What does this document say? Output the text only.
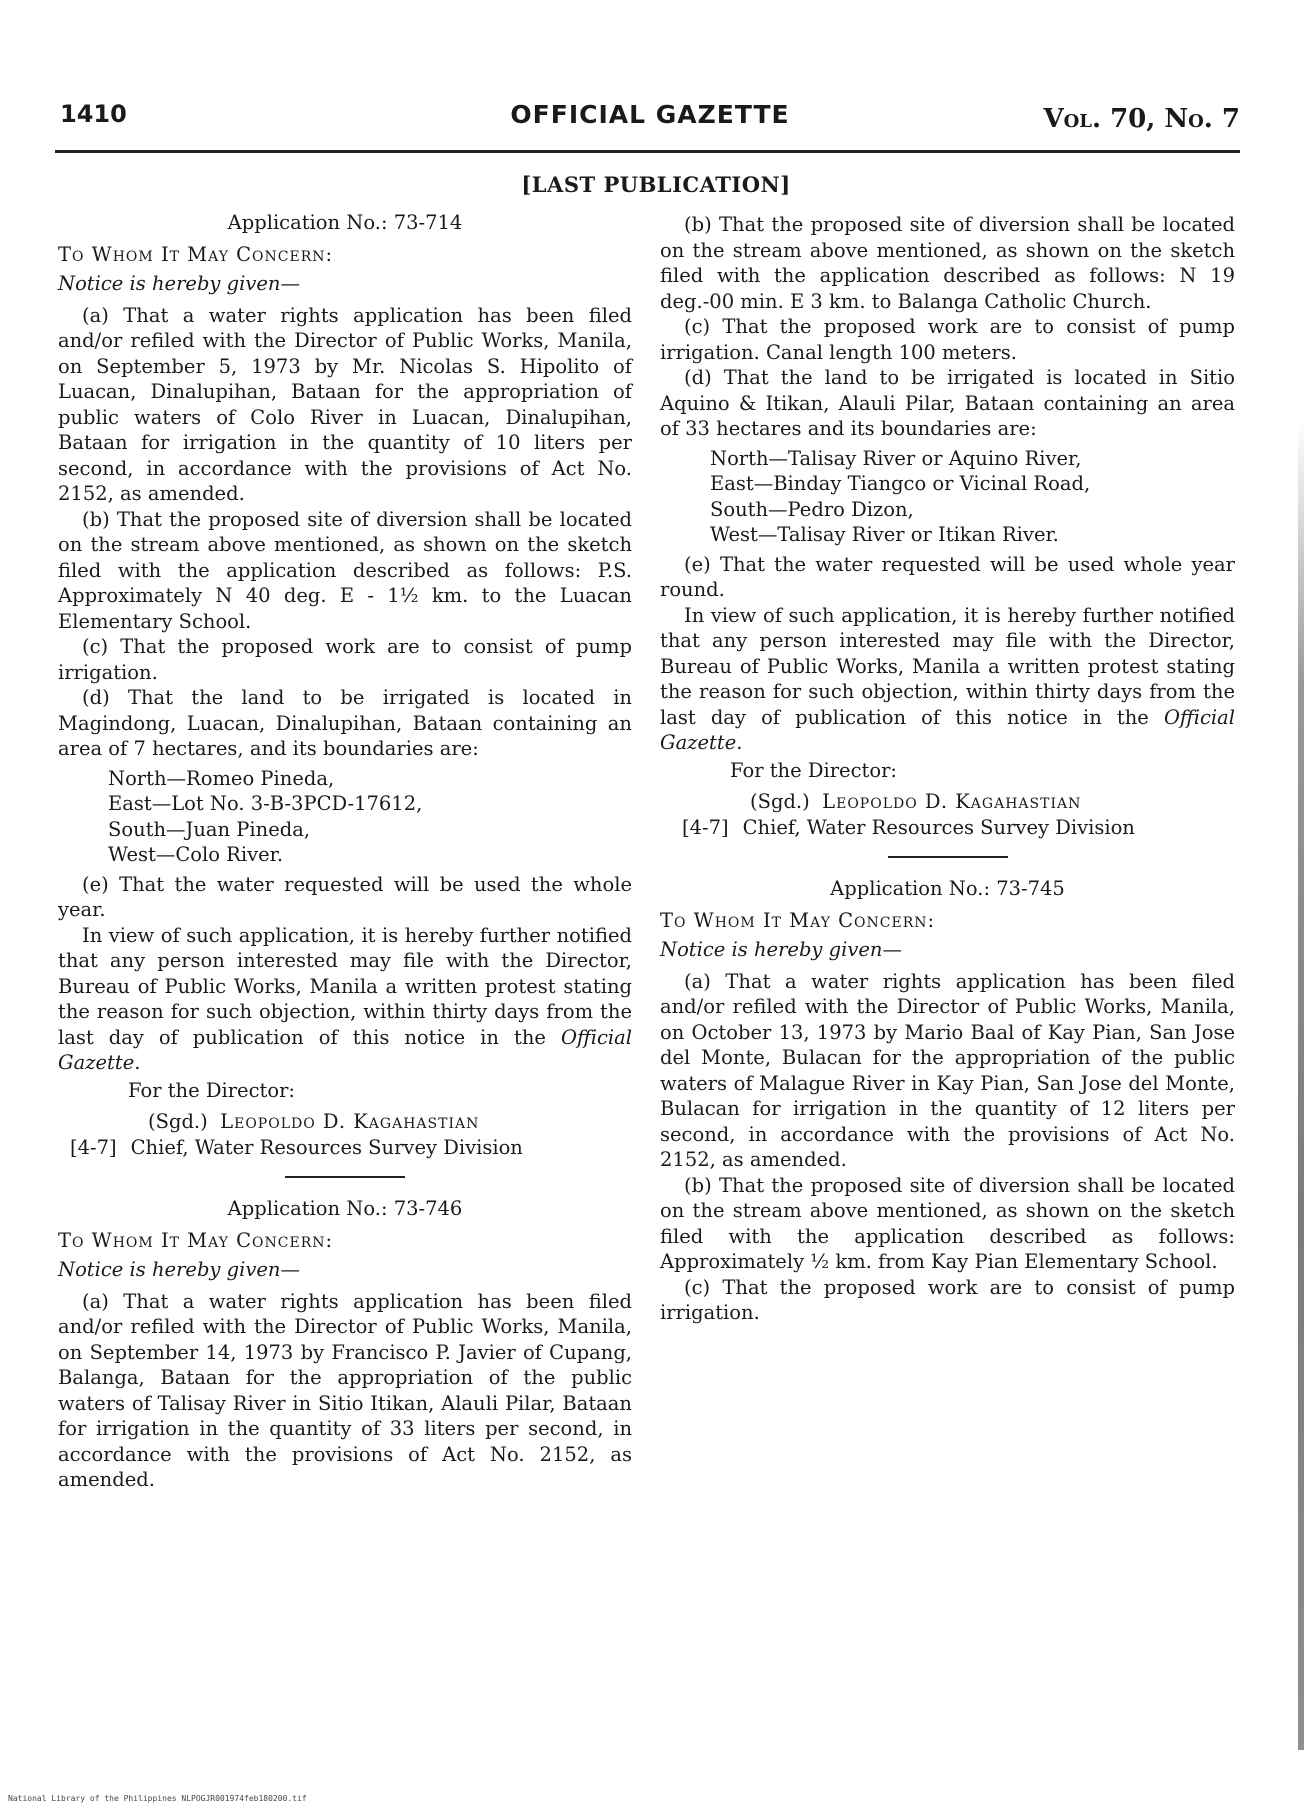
1410	OFFICIAL GAZETTE	Vol. 70, No. 7
[LAST PUBLICATION]

Application No.: 73-714

To Whom It May Concern:

Notice is hereby given—

(a) That a water rights application has been filed and/or refiled with the Director of Public Works, Manila, on September 5, 1973 by Mr. Nicolas S. Hipolito of Luacan, Dinalupihan, Bataan for the appropriation of public waters of Colo River in Luacan, Dinalupihan, Bataan for irrigation in the quantity of 10 liters per second, in accordance with the provisions of Act No. 2152, as amended.

(b) That the proposed site of diversion shall be located on the stream above mentioned, as shown on the sketch filed with the application described as follows: P.S. Approximately N 40 deg. E - 1½ km. to the Luacan Elementary School.

(c) That the proposed work are to consist of pump irrigation.

(d) That the land to be irrigated is located in Magindong, Luacan, Dinalupihan, Bataan containing an area of 7 hectares, and its boundaries are:

North—Romeo Pineda,
East—Lot No. 3-B-3PCD-17612,
South—Juan Pineda,
West—Colo River.

(e) That the water requested will be used the whole year.

In view of such application, it is hereby further notified that any person interested may file with the Director, Bureau of Public Works, Manila a written protest stating the reason for such objection, within thirty days from the last day of publication of this notice in the Official Gazette.

For the Director:

(Sgd.) Leopoldo D. Kagahastian

[4-7] Chief, Water Resources Survey Division

Application No.: 73-746

To Whom It May Concern:

Notice is hereby given—

(a) That a water rights application has been filed and/or refiled with the Director of Public Works, Manila, on September 14, 1973 by Francisco P. Javier of Cupang, Balanga, Bataan for the appropriation of the public waters of Talisay River in Sitio Itikan, Alauli Pilar, Bataan for irrigation in the quantity of 33 liters per second, in accordance with the provisions of Act No. 2152, as amended.

(b) That the proposed site of diversion shall be located on the stream above mentioned, as shown on the sketch filed with the application described as follows: N 19 deg.-00 min. E 3 km. to Balanga Catholic Church.

(c) That the proposed work are to consist of pump irrigation. Canal length 100 meters.

(d) That the land to be irrigated is located in Sitio Aquino & Itikan, Alauli Pilar, Bataan containing an area of 33 hectares and its boundaries are:

North—Talisay River or Aquino River,
East—Binday Tiangco or Vicinal Road,
South—Pedro Dizon,
West—Talisay River or Itikan River.

(e) That the water requested will be used whole year round.

In view of such application, it is hereby further notified that any person interested may file with the Director, Bureau of Public Works, Manila a written protest stating the reason for such objection, within thirty days from the last day of publication of this notice in the Official Gazette.

For the Director:

(Sgd.) Leopoldo D. Kagahastian

[4-7] Chief, Water Resources Survey Division

Application No.: 73-745

To Whom It May Concern:

Notice is hereby given—

(a) That a water rights application has been filed and/or refiled with the Director of Public Works, Manila, on October 13, 1973 by Mario Baal of Kay Pian, San Jose del Monte, Bulacan for the appropriation of the public waters of Malague River in Kay Pian, San Jose del Monte, Bulacan for irrigation in the quantity of 12 liters per second, in accordance with the provisions of Act No. 2152, as amended.

(b) That the proposed site of diversion shall be located on the stream above mentioned, as shown on the sketch filed with the application described as follows: Approximately ½ km. from Kay Pian Elementary School.

(c) That the proposed work are to consist of pump irrigation.

National Library of the Philippines NLPOGJR001974feb180200.tif
